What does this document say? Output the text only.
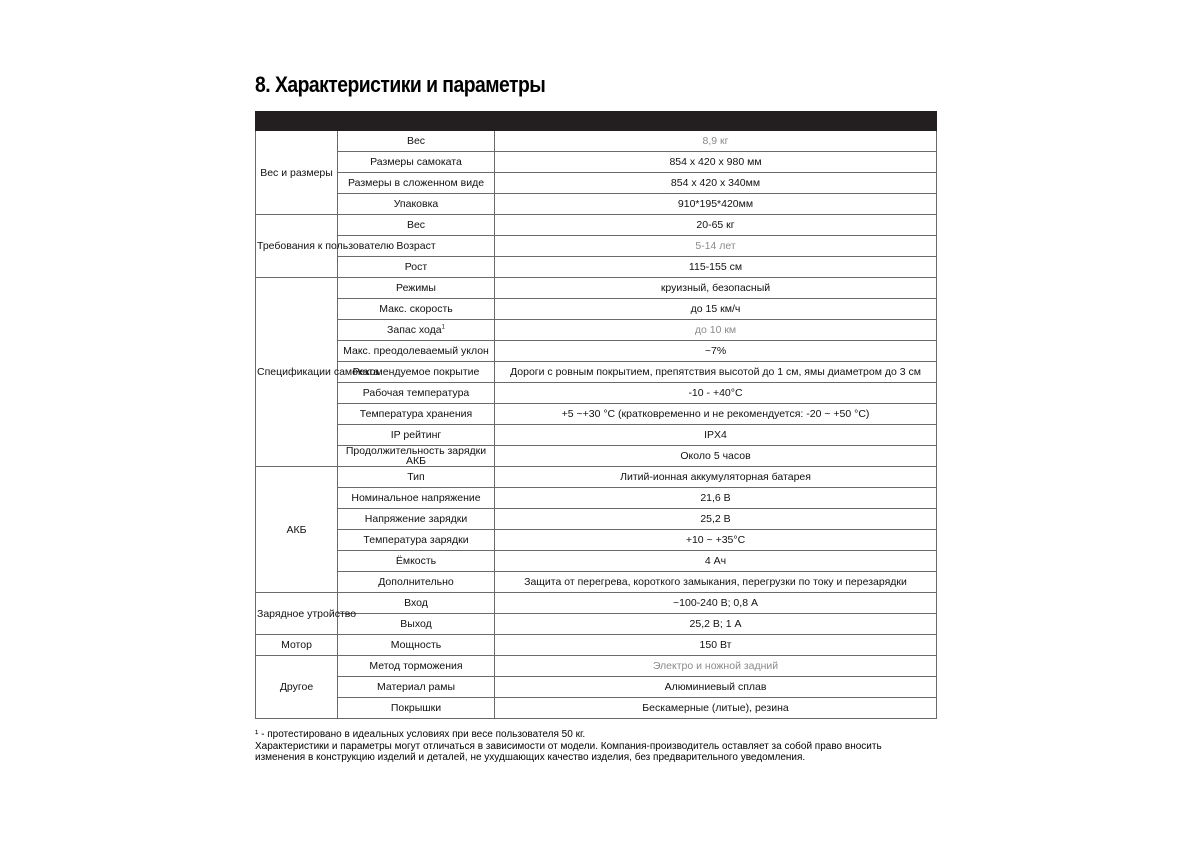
8. Характеристики и параметры

Вес и размеры	Вес	8,9 кг
	Размеры самоката	854 х 420 х 980 мм
	Размеры в сложенном виде	854 х 420 х 340мм
	Упаковка	910*195*420мм
Требования к пользователю	Вес	20-65 кг
	Возраст	5-14 лет
	Рост	115-155 см
Спецификации самоката	Режимы	круизный, безопасный
	Макс. скорость	до 15 км/ч
	Запас хода$^1$	до 10 км
	Макс. преодолеваемый уклон	~7%
	Рекомендуемое покрытие	Дороги с ровным покрытием, препятствия высотой до 1 см, ямы диаметром до 3 см
	Рабочая температура	-10 - +40°C
	Температура хранения	+5 ~+30 °C (кратковременно и не рекомендуется: -20 ~ +50 °C)
	IP рейтинг	IPX4
	Продолжительность зарядки АКБ	Около 5 часов
АКБ	Тип	Литий-ионная аккумуляторная батарея
	Номинальное напряжение	21,6 В
	Напряжение зарядки	25,2 В
	Температура зарядки	+10 ~ +35°C
	Ёмкость	4 Ач
	Дополнительно	Защита от перегрева, короткого замыкания, перегрузки по току и перезарядки
Зарядное утройство	Вход	~100-240 В; 0,8 А
	Выход	25,2 В; 1 А
Мотор	Мощность	150 Вт
Другое	Метод торможения	Электро и ножной задний
	Материал рамы	Алюминиевый сплав
	Покрышки	Бескамерные (литые), резина
¹ - протестировано в идеальных условиях при весе пользователя 50 кг.
Характеристики и параметры могут отличаться в зависимости от модели. Компания-производитель оставляет за собой право вносить
изменения в конструкцию изделий и деталей, не ухудшающих качество изделия, без предварительного уведомления.
